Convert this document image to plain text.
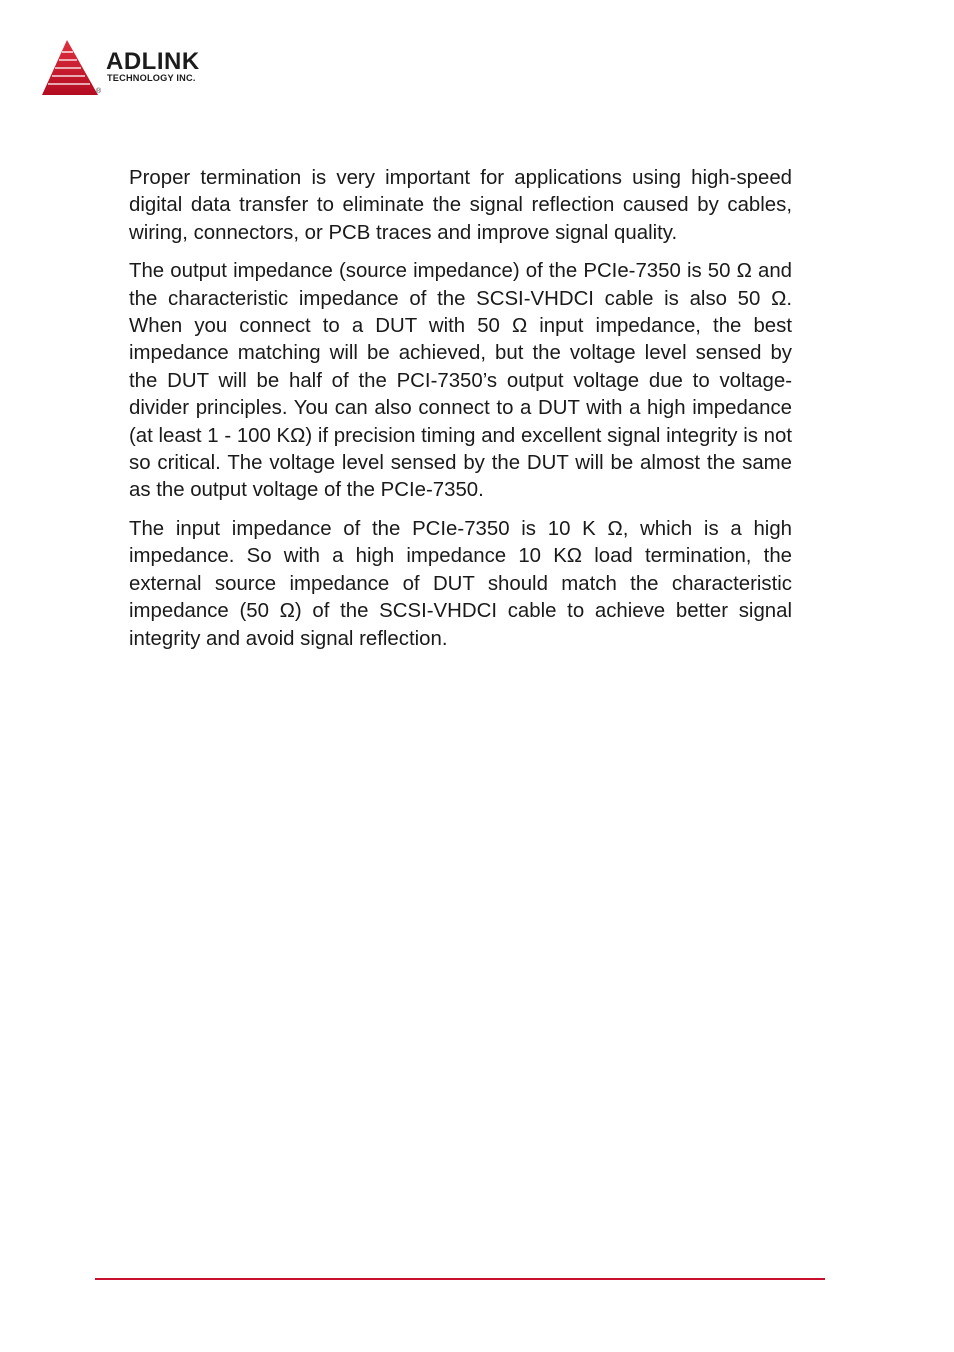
ADLINK
TECHNOLOGY INC.
®

Proper termination is very important for applications using high-speed digital data transfer to eliminate the signal reflection caused by cables, wiring, connectors, or PCB traces and improve signal quality.

The output impedance (source impedance) of the PCIe-7350 is 50 Ω and the characteristic impedance of the SCSI-VHDCI cable is also 50 Ω. When you connect to a DUT with 50 Ω input impedance, the best impedance matching will be achieved, but the voltage level sensed by the DUT will be half of the PCI-7350’s output voltage due to voltage-divider principles. You can also connect to a DUT with a high impedance (at least 1 - 100 KΩ) if precision timing and excellent signal integrity is not so critical. The voltage level sensed by the DUT will be almost the same as the output voltage of the PCIe-7350.

The input impedance of the PCIe-7350 is 10 K Ω, which is a high impedance. So with a high impedance 10 KΩ load termination, the external source impedance of DUT should match the characteristic impedance (50 Ω) of the SCSI-VHDCI cable to achieve better signal integrity and avoid signal reflection.
